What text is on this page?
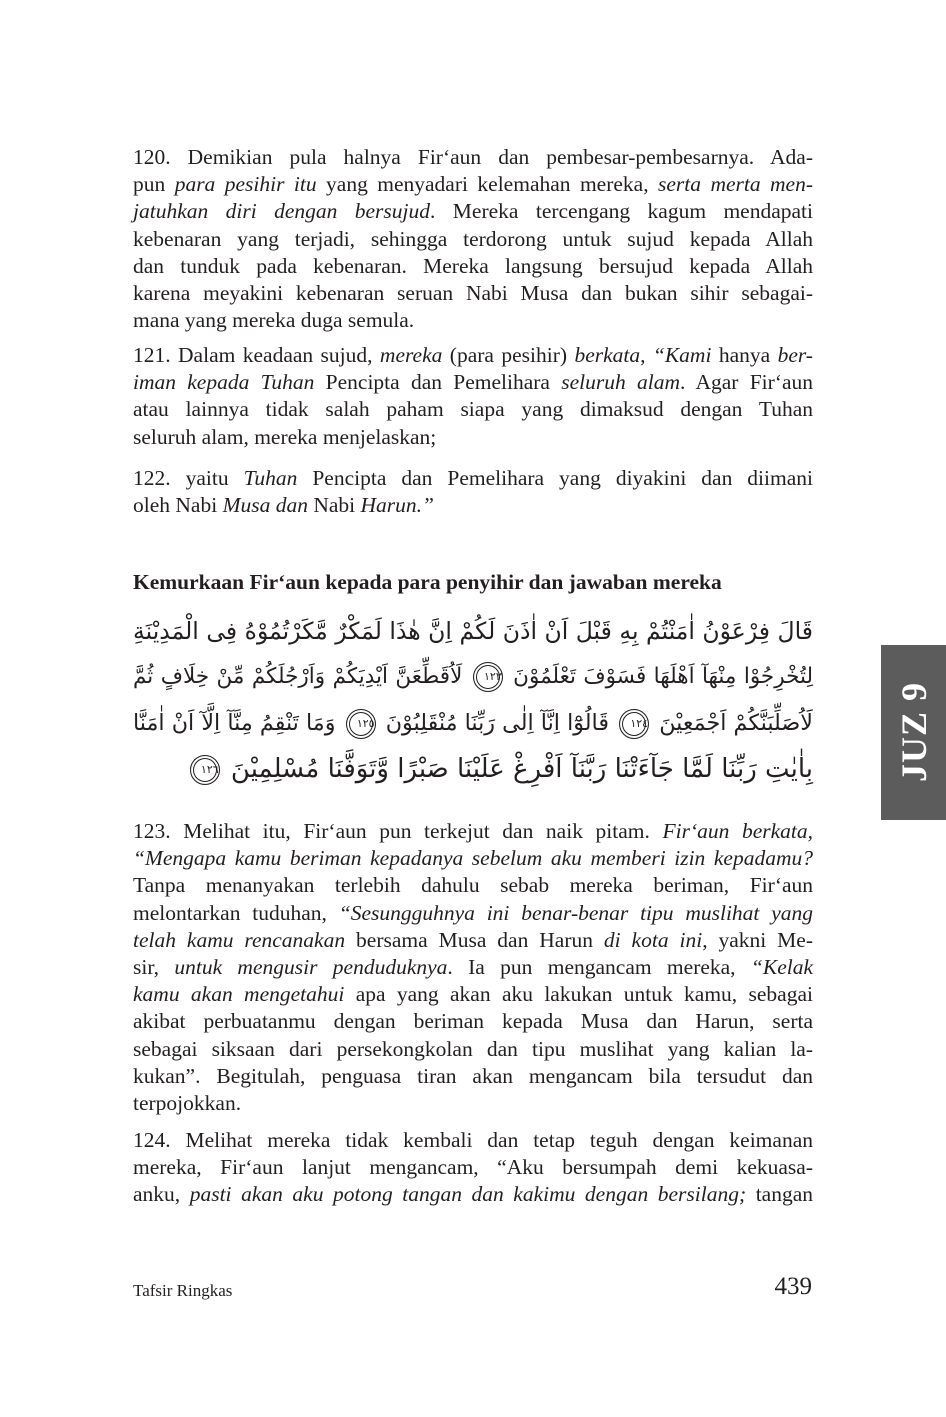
120. Demikian pula halnya Fir‘aun dan pembesar-pembesarnya. Ada-
pun para pesihir itu yang menyadari kelemahan mereka, serta merta men-
jatuhkan diri dengan bersujud. Mereka tercengang kagum mendapati
kebenaran yang terjadi, sehingga terdorong untuk sujud kepada Allah
dan tunduk pada kebenaran. Mereka langsung bersujud kepada Allah
karena meyakini kebenaran seruan Nabi Musa dan bukan sihir sebagai-
mana yang mereka duga semula.
121. Dalam keadaan sujud, mereka (para pesihir) berkata, “Kami hanya ber-
iman kepada Tuhan Pencipta dan Pemelihara seluruh alam. Agar Fir‘aun
atau lainnya tidak salah paham siapa yang dimaksud dengan Tuhan
seluruh alam, mereka menjelaskan;
122. yaitu Tuhan Pencipta dan Pemelihara yang diyakini dan diimani
oleh Nabi Musa dan Nabi Harun.”
Kemurkaan Fir‘aun kepada para penyihir dan jawaban mereka
قَالَ فِرْعَوْنُ اٰمَنْتُمْ بِهِ قَبْلَ اَنْ اٰذَنَ لَكُمْ اِنَّ هٰذَا لَمَكْرٌ مَّكَرْتُمُوْهُ فِى الْمَدِيْنَةِ
لِتُخْرِجُوْا مِنْهَآ اَهْلَهَا فَسَوْفَ تَعْلَمُوْنَ ١٢٣ لَاُقَطِّعَنَّ اَيْدِيَكُمْ وَاَرْجُلَكُمْ مِّنْ خِلَافٍ ثُمَّ
لَاُصَلِّبَنَّكُمْ اَجْمَعِيْنَ ١٢٤ قَالُوْٓا اِنَّآ اِلٰى رَبِّنَا مُنْقَلِبُوْنَ ١٢٥ وَمَا تَنْقِمُ مِنَّآ اِلَّآ اَنْ اٰمَنَّا
بِاٰيٰتِ رَبِّنَا لَمَّا جَآءَتْنَا رَبَّنَآ اَفْرِغْ عَلَيْنَا صَبْرًا وَّتَوَفَّنَا مُسْلِمِيْنَ ١٢٦
123. Melihat itu, Fir‘aun pun terkejut dan naik pitam. Fir‘aun berkata,
“Mengapa kamu beriman kepadanya sebelum aku memberi izin kepadamu?
Tanpa menanyakan terlebih dahulu sebab mereka beriman, Fir‘aun
melontarkan tuduhan, “Sesungguhnya ini benar-benar tipu muslihat yang
telah kamu rencanakan bersama Musa dan Harun di kota ini, yakni Me-
sir, untuk mengusir penduduknya. Ia pun mengancam mereka, “Kelak
kamu akan mengetahui apa yang akan aku lakukan untuk kamu, sebagai
akibat perbuatanmu dengan beriman kepada Musa dan Harun, serta
sebagai siksaan dari persekongkolan dan tipu muslihat yang kalian la-
kukan”. Begitulah, penguasa tiran akan mengancam bila tersudut dan
terpojokkan.
124. Melihat mereka tidak kembali dan tetap teguh dengan keimanan
mereka, Fir‘aun lanjut mengancam, “Aku bersumpah demi kekuasa-
anku, pasti akan aku potong tangan dan kakimu dengan bersilang; tangan
JUZ 9
Tafsir Ringkas	439
